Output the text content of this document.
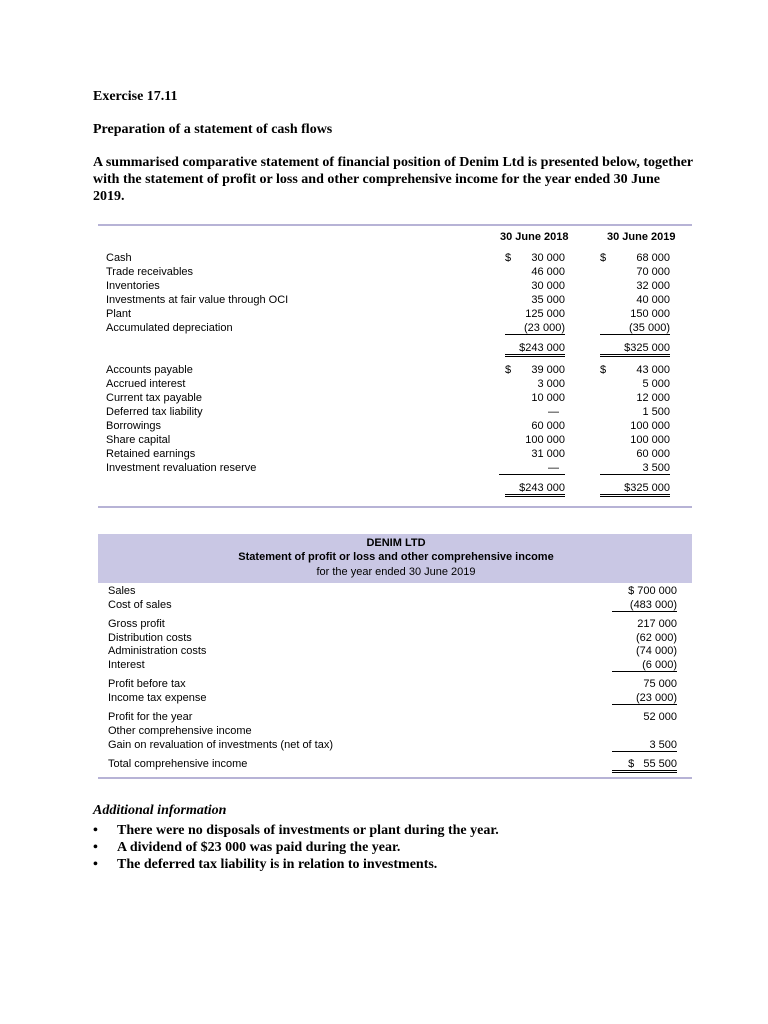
Exercise 17.11
Preparation of a statement of cash flows
A summarised comparative statement of financial position of Denim Ltd is presented below, together with the statement of profit or loss and other comprehensive income for the year ended 30 June 2019.
30 June 2018	30 June 2019
Cash	$ 30 000	$	68 000
Trade receivables	46 000	70 000
Inventories	30 000	32 000
Investments at fair value through OCI	35 000	40 000
Plant	125 000	150 000
Accumulated depreciation	(23 000)	(35 000)
$243 000	$325 000
Accounts payable	$ 39 000	$	43 000
Accrued interest	3 000	5 000
Current tax payable	10 000	12 000
Deferred tax liability	—	1 500
Borrowings	60 000	100 000
Share capital	100 000	100 000
Retained earnings	31 000	60 000
Investment revaluation reserve	—	3 500
$243 000	$325 000
DENIM LTD
Statement of profit or loss and other comprehensive income
for the year ended 30 June 2019
Sales	$ 700 000
Cost of sales	(483 000)
Gross profit	217 000
Distribution costs	(62 000)
Administration costs	(74 000)
Interest	(6 000)
Profit before tax	75 000
Income tax expense	(23 000)
Profit for the year	52 000
Other comprehensive income
Gain on revaluation of investments (net of tax)	3 500
Total comprehensive income	$   55 500
Additional information
• There were no disposals of investments or plant during the year.
• A dividend of $23 000 was paid during the year.
• The deferred tax liability is in relation to investments.
